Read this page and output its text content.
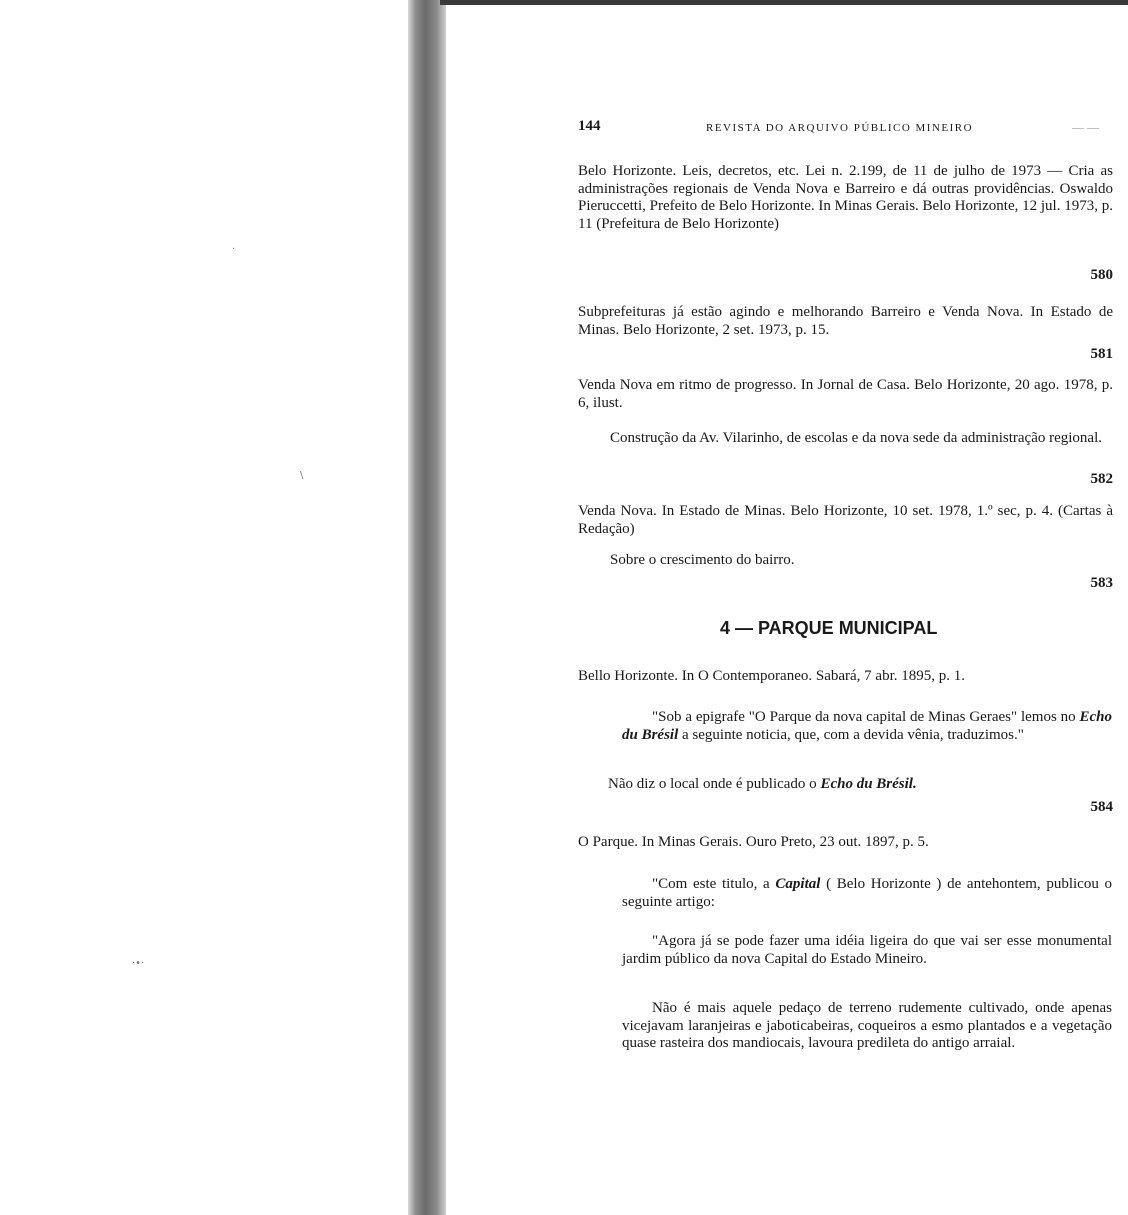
·
\
·•·
144	REVISTA DO ARQUIVO PÚBLICO MINEIRO	— —
Belo Horizonte. Leis, decretos, etc. Lei n. 2.199, de 11 de julho de 1973 — Cria as administrações regionais de Venda Nova e Barreiro e dá outras providências. Oswaldo Pieruccetti, Prefeito de Belo Horizonte. In Minas Gerais. Belo Horizonte, 12 jul. 1973, p. 11 (Prefeitura de Belo Horizonte)
580
Subprefeituras já estão agindo e melhorando Barreiro e Venda Nova. In Estado de Minas. Belo Horizonte, 2 set. 1973, p. 15.
581
Venda Nova em ritmo de progresso. In Jornal de Casa. Belo Horizonte, 20 ago. 1978, p. 6, ilust.
Construção da Av. Vilarinho, de escolas e da nova sede da administração regional.
582
Venda Nova. In Estado de Minas. Belo Horizonte, 10 set. 1978, 1.º sec, p. 4. (Cartas à Redação)
Sobre o crescimento do bairro.
583
4 — PARQUE MUNICIPAL
Bello Horizonte. In O Contemporaneo. Sabará, 7 abr. 1895, p. 1.
"Sob a epigrafe "O Parque da nova capital de Minas Geraes" lemos no Echo du Brésil a seguinte noticia, que, com a devida vênia, traduzimos."
Não diz o local onde é publicado o Echo du Brésil.
584
O Parque. In Minas Gerais. Ouro Preto, 23 out. 1897, p. 5.
"Com este titulo, a Capital ( Belo Horizonte ) de antehontem, publicou o seguinte artigo:
"Agora já se pode fazer uma idéia ligeira do que vai ser esse monumental jardim público da nova Capital do Estado Mineiro.
Não é mais aquele pedaço de terreno rudemente cultivado, onde apenas vicejavam laranjeiras e jaboticabeiras, coqueiros a esmo plantados e a vegetação quase rasteira dos mandiocais, lavoura predileta do antigo arraial.
